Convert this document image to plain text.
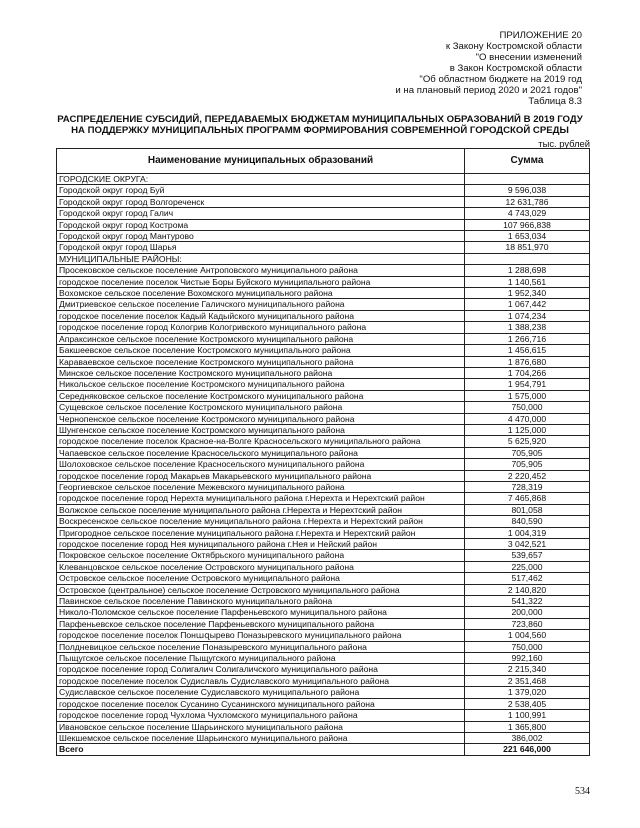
ПРИЛОЖЕНИЕ 20
к Закону Костромской области
"О внесении изменений
в Закон Костромской области
"Об областном бюджете на 2019 год
и на плановый период 2020 и 2021 годов"
Таблица 8.3
РАСПРЕДЕЛЕНИЕ СУБСИДИЙ, ПЕРЕДАВАЕМЫХ БЮДЖЕТАМ МУНИЦИПАЛЬНЫХ ОБРАЗОВАНИЙ В 2019 ГОДУ
НА ПОДДЕРЖКУ МУНИЦИПАЛЬНЫХ ПРОГРАММ ФОРМИРОВАНИЯ СОВРЕМЕННОЙ ГОРОДСКОЙ СРЕДЫ
тыс. рублей
Наименование муниципальных образований	Сумма
ГОРОДСКИЕ ОКРУГА:	
Городской округ город Буй	9 596,038
Городской округ город Волгореченск	12 631,786
Городской округ город Галич	4 743,029
Городской округ город Кострома	107 966,838
Городской округ город Мантурово	1 653,034
Городской округ город Шарья	18 851,970
МУНИЦИПАЛЬНЫЕ РАЙОНЫ:	
Просековское сельское поселение Антроповского муниципального района	1 288,698
городское поселение поселок Чистые Боры Буйского муниципального района	1 140,561
Вохомское сельское поселение Вохомского муниципального района	1 952,340
Дмитриевское сельское поселение Галичского муниципального района	1 067,442
городское поселение поселок Кадый Кадыйского муниципального района	1 074,234
городское поселение город Кологрив Кологривского муниципального района	1 388,238
Апраксинское сельское поселение Костромского муниципального района	1 266,716
Бакшеевское сельское поселение Костромского муниципального района	1 456,615
Караваевское сельское поселение Костромского муниципального района	1 876,680
Минское сельское поселение Костромского муниципального района	1 704,266
Никольское сельское поселение Костромского муниципального района	1 954,791
Середняковское сельское поселение Костромского муниципального района	1 575,000
Сущевское сельское поселение Костромского муниципального района	750,000
Чернопенское сельское поселение Костромского муниципального района	4 470,000
Шунгенское сельское поселение Костромского муниципального района	1 125,000
городское поселение поселок Красное-на-Волге Красносельского муниципального района	5 625,920
Чапаевское сельское поселение Красносельского муниципального района	705,905
Шолоховское сельское поселение Красносельского муниципального района	705,905
городское поселение город Макарьев Макарьевского муниципального района	2 220,452
Георгиевское сельское поселение Межевского муниципального района	728,319
городское поселение город Нерехта муниципального района г.Нерехта и Нерехтский район	7 465,868
Волжское сельское поселение муниципального района г.Нерехта и Нерехтский район	801,058
Воскресенское сельское поселение муниципального района г.Нерехта и Нерехтский район	840,590
Пригородное сельское поселение муниципального района г.Нерехта и Нерехтский район	1 004,319
городское поселение город Нея муниципального района г.Нея и Нейский район	3 042,521
Покровское сельское поселение Октябрьского муниципального района	539,657
Клеванцовское сельское поселение Островского муниципального района	225,000
Островское сельское поселение Островского муниципального района	517,462
Островское (центральное) сельское поселение Островского муниципального района	2 140,820
Павинское сельское поселение Павинского муниципального района	541,322
Николо-Поломское сельское поселение Парфеньевского муниципального района	200,000
Парфеньевское сельское поселение Парфеньевского муниципального района	723,860
городское поселение поселок Понազырево Поназыревского муниципального района	1 004,560
Полдневицкое сельское поселение Поназыревского муниципального района	750,000
Пыщугское сельское поселение Пыщугского муниципального района	992,160
городское поселение город Солигалич Солигаличского муниципального района	2 215,340
городское поселение поселок Судиславль Судиславского муниципального района	2 351,468
Судиславское сельское поселение Судиславского муниципального района	1 379,020
городское поселение поселок Сусанино Сусанинского муниципального района	2 538,405
городское поселение город Чухлома Чухломского муниципального района	1 100,991
Ивановское сельское поселение Шарьинского муниципального района	1 365,800
Шекшемское сельское поселение Шарьинского муниципального района	386,002
Всего	221 646,000
534
